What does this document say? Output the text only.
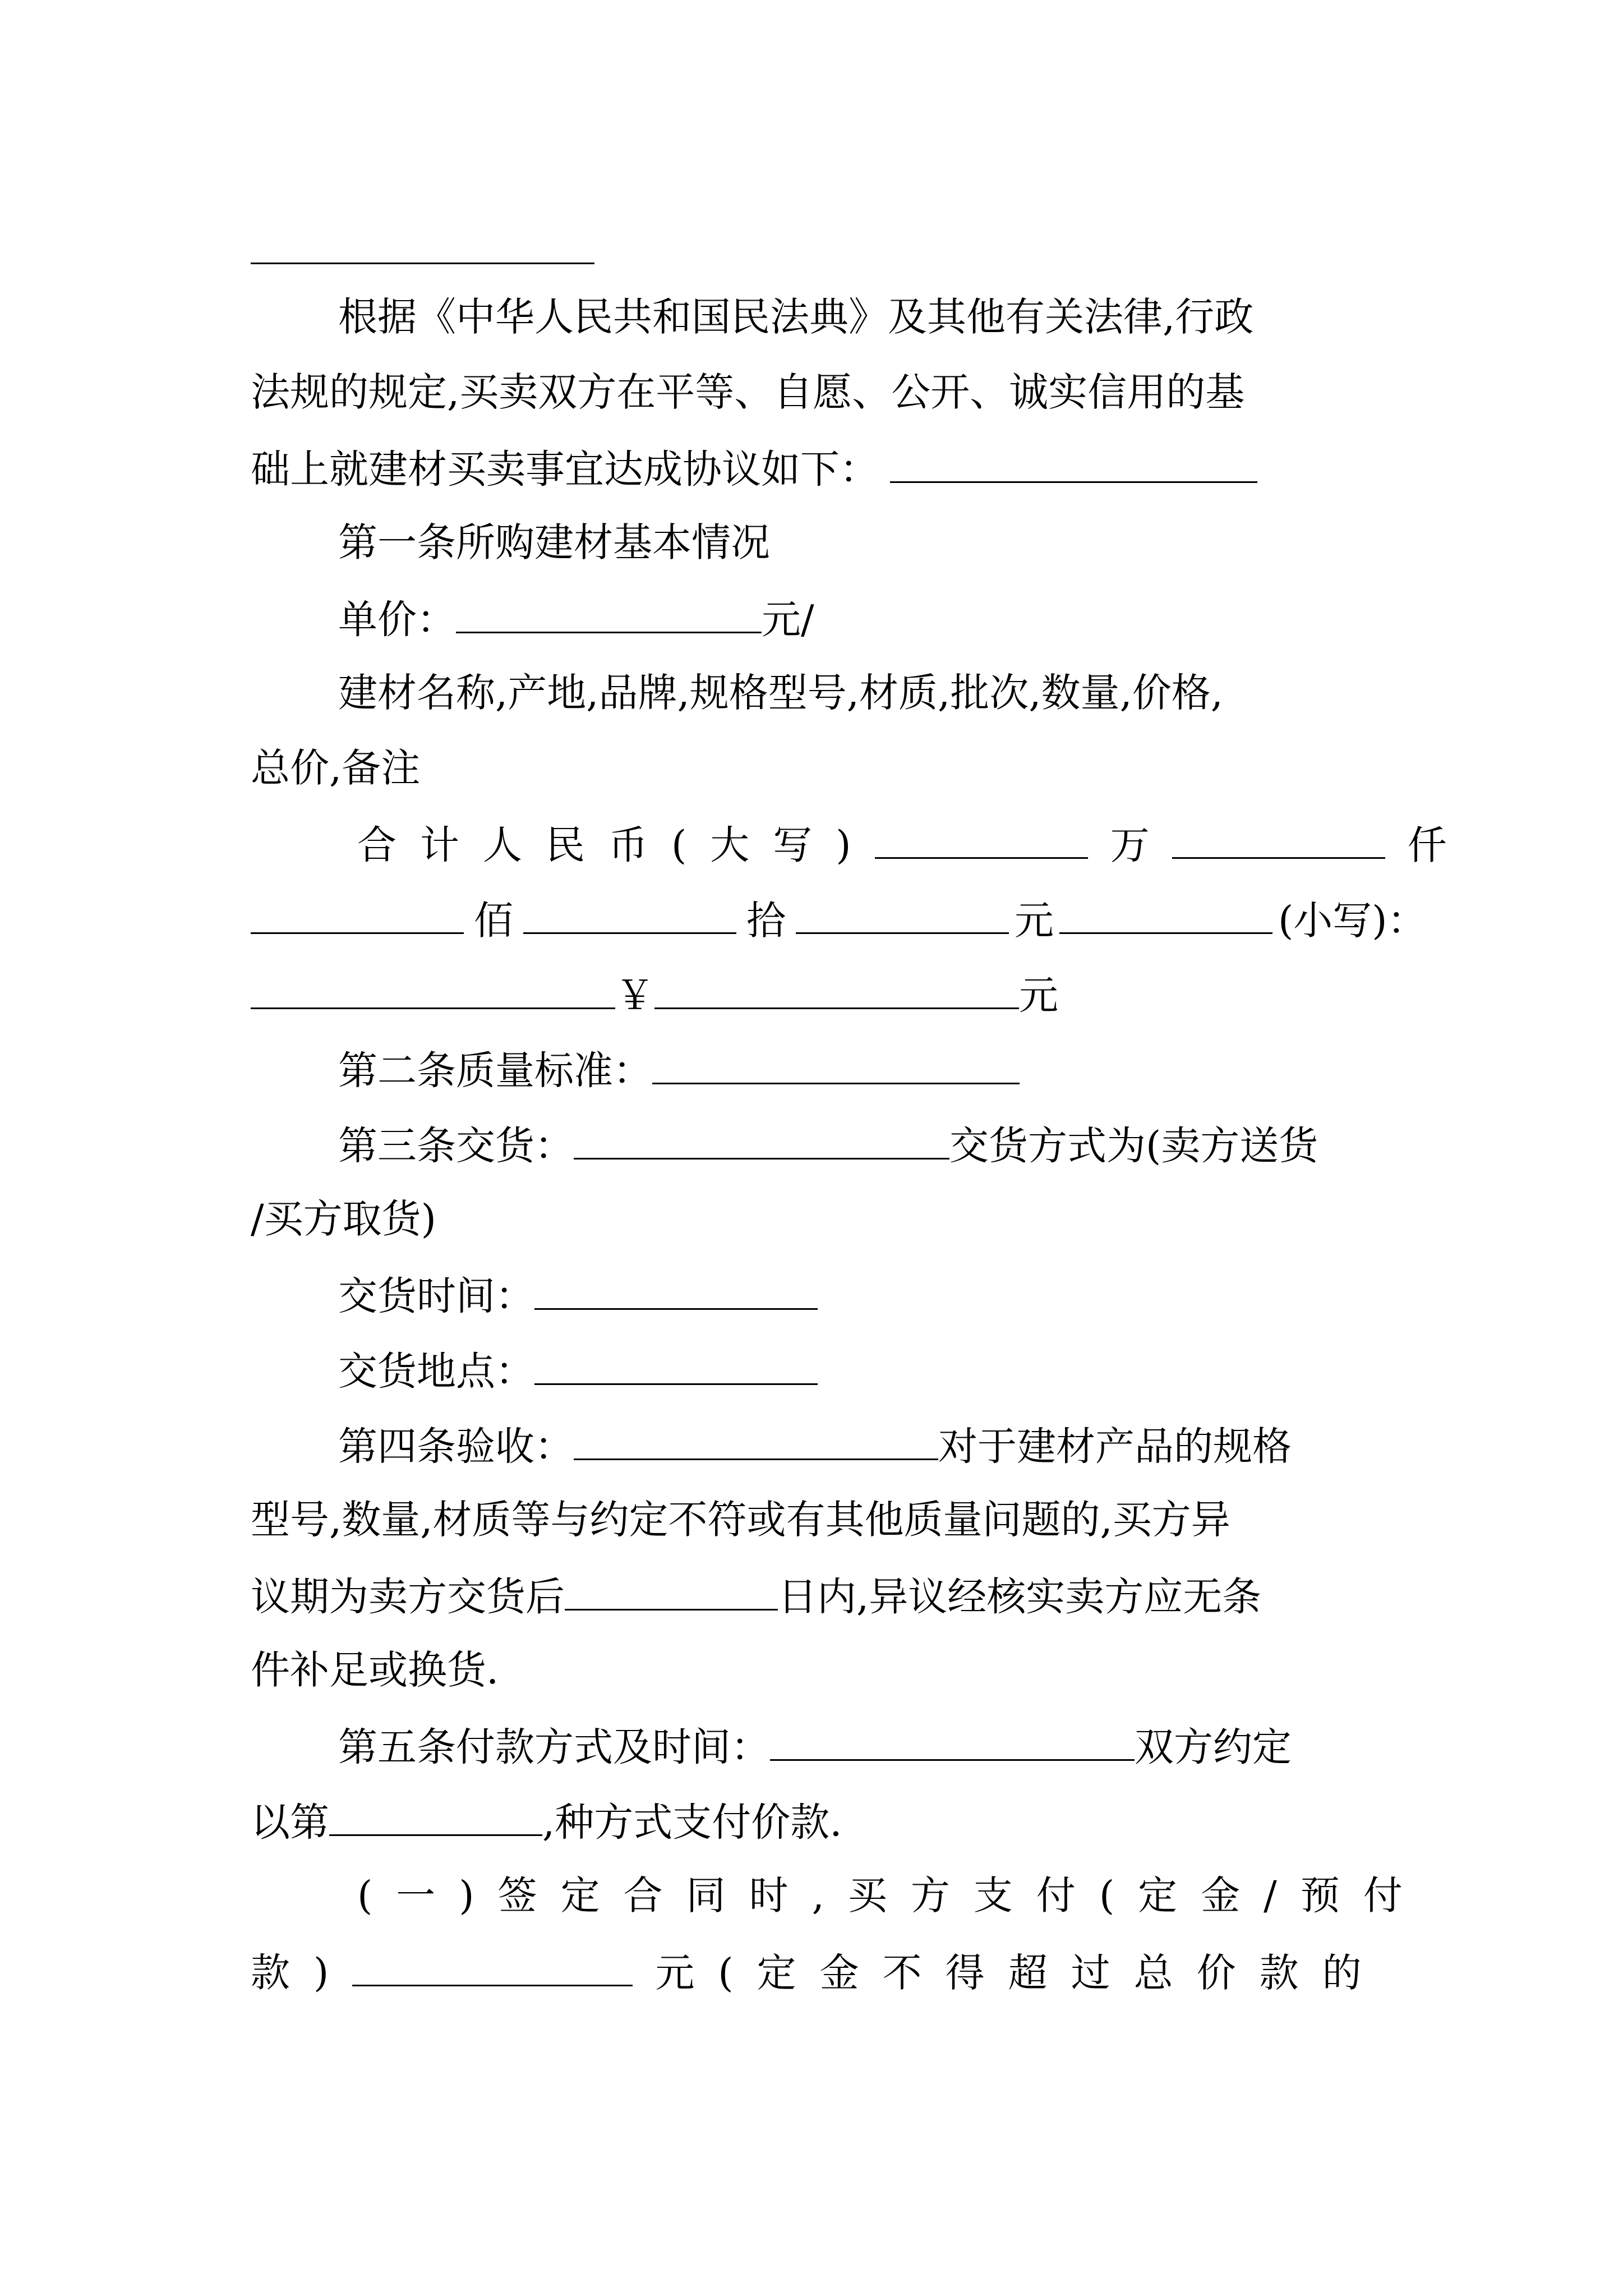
根据《中华人民共和国民法典》及其他有关法律,行政
法规的规定,买卖双方在平等、自愿、公开、诚实信用的基
础上就建材买卖事宜达成协议如下：
第一条所购建材基本情况
单价：	元/
建材名称,产地,品牌,规格型号,材质,批次,数量,价格,
总价,备注
合计人民币(大写)	万	仟
佰	拾	元	(小写)：
￥	元
第二条质量标准：
第三条交货：	交货方式为(卖方送货
/买方取货)
交货时间：
交货地点：
第四条验收：	对于建材产品的规格
型号,数量,材质等与约定不符或有其他质量问题的,买方异
议期为卖方交货后	日内,异议经核实卖方应无条
件补足或换货.
第五条付款方式及时间：	双方约定
以第	,种方式支付价款.
(一)签定合同时,买方支付(定金/预付
款)	元(定金不得超过总价款的
